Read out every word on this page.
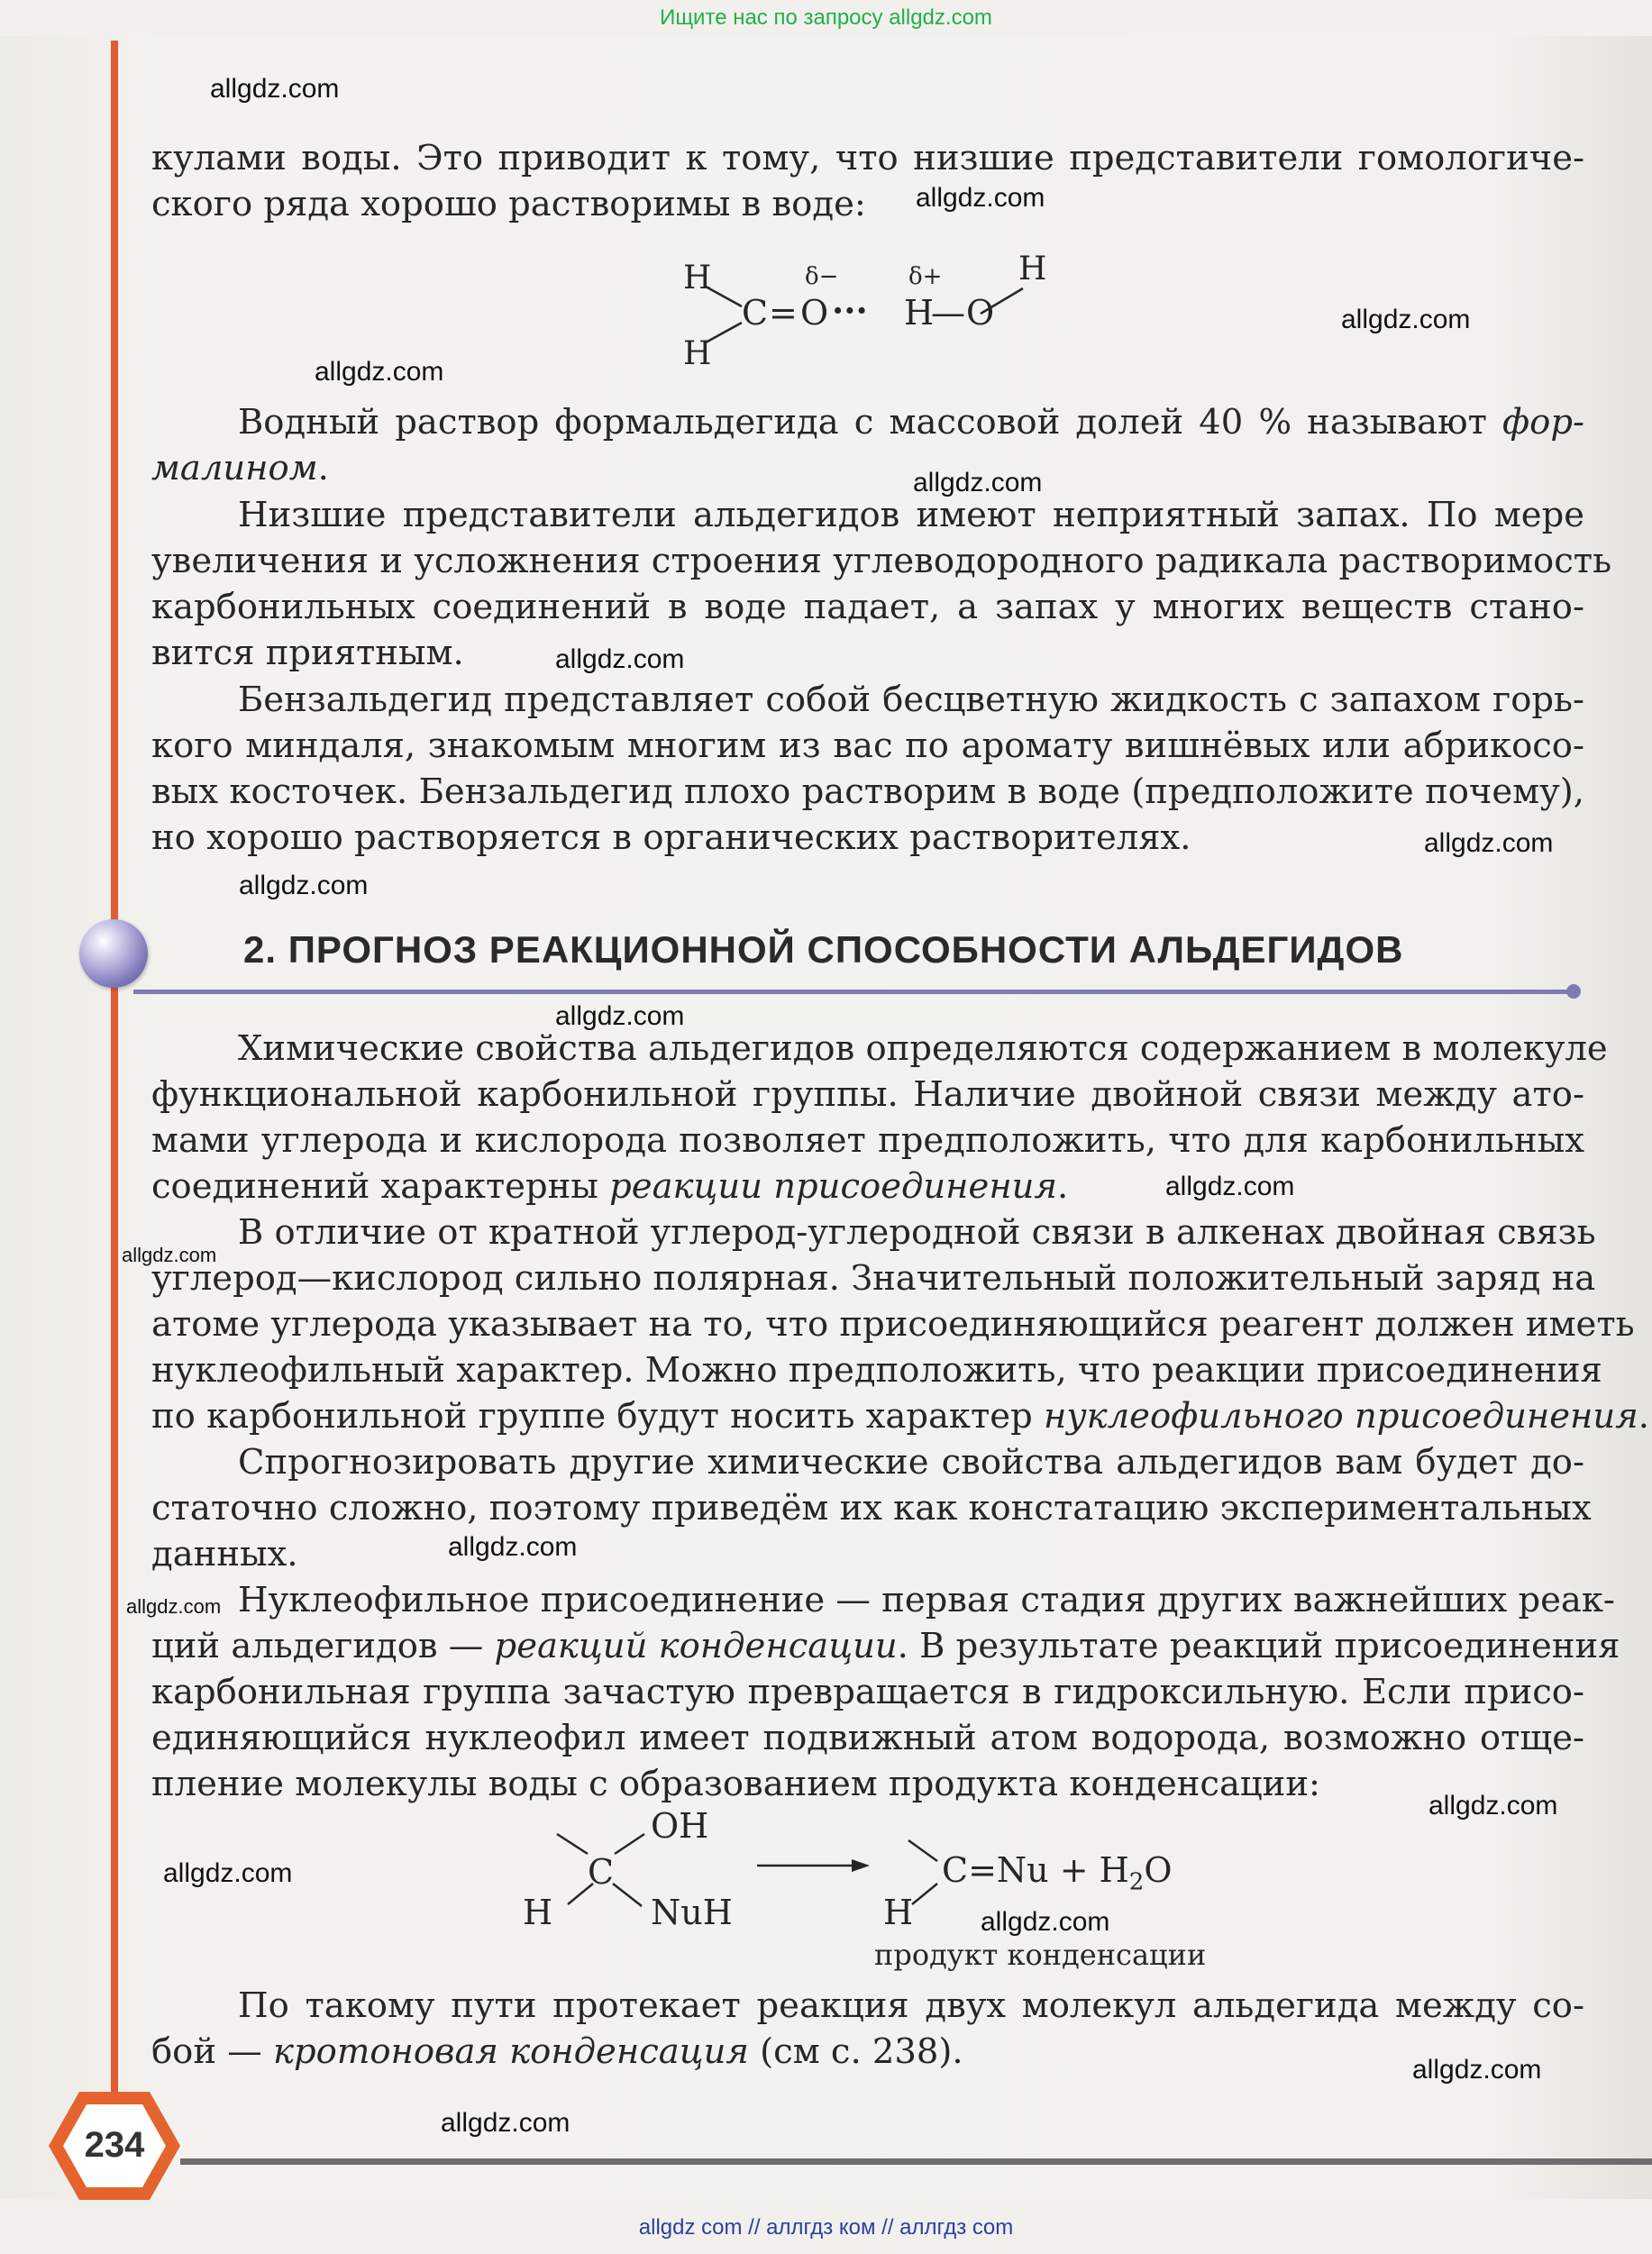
Ищите нас по запросу allgdz.com
allgdz.com
allgdz.com
allgdz.com
allgdz.com
allgdz.com
allgdz.com
allgdz.com
allgdz.com
allgdz.com
allgdz.com
allgdz.com
allgdz.com
allgdz.com
allgdz.com
allgdz.com
allgdz.com
allgdz.com
allgdz.com
кулами воды. Это приводит к тому, что низшие представители гомологиче-
ского ряда хорошо растворимы в воде:
H
H
C = O
δ−
··· H
δ+
— O
H
Водный раствор формальдегида с массовой долей 40 % называют фор-
малином.
Низшие представители альдегидов имеют неприятный запах. По мере
увеличения и усложнения строения углеводородного радикала растворимость
карбонильных соединений в воде падает, а запах у многих веществ стано-
вится приятным.
Бензальдегид представляет собой бесцветную жидкость с запахом горь-
кого миндаля, знакомым многим из вас по аромату вишнёвых или абрикосо-
вых косточек. Бензальдегид плохо растворим в воде (предположите почему),
но хорошо растворяется в органических растворителях.
2. ПРОГНОЗ РЕАКЦИОННОЙ СПОСОБНОСТИ АЛЬДЕГИДОВ
Химические свойства альдегидов определяются содержанием в молекуле
функциональной карбонильной группы. Наличие двойной связи между ато-
мами углерода и кислорода позволяет предположить, что для карбонильных
соединений характерны реакции присоединения.
В отличие от кратной углерод-углеродной связи в алкенах двойная связь
углерод—кислород сильно полярная. Значительный положительный заряд на
атоме углерода указывает на то, что присоединяющийся реагент должен иметь
нуклеофильный характер. Можно предположить, что реакции присоединения
по карбонильной группе будут носить характер нуклеофильного присоединения.
Спрогнозировать другие химические свойства альдегидов вам будет до-
статочно сложно, поэтому приведём их как констатацию экспериментальных
данных.
Нуклеофильное присоединение — первая стадия других важнейших реак-
ций альдегидов — реакций конденсации. В результате реакций присоединения
карбонильная группа зачастую превращается в гидроксильную. Если присо-
единяющийся нуклеофил имеет подвижный атом водорода, возможно отще-
пление молекулы воды с образованием продукта конденсации:
OH
C
H	NuH
$C=Nu + H_2O$
H
продукт конденсации
По такому пути протекает реакция двух молекул альдегида между со-
бой — кротоновая конденсация (см с. 238).
234
allgdz com // аллгдз ком // аллгдз com
